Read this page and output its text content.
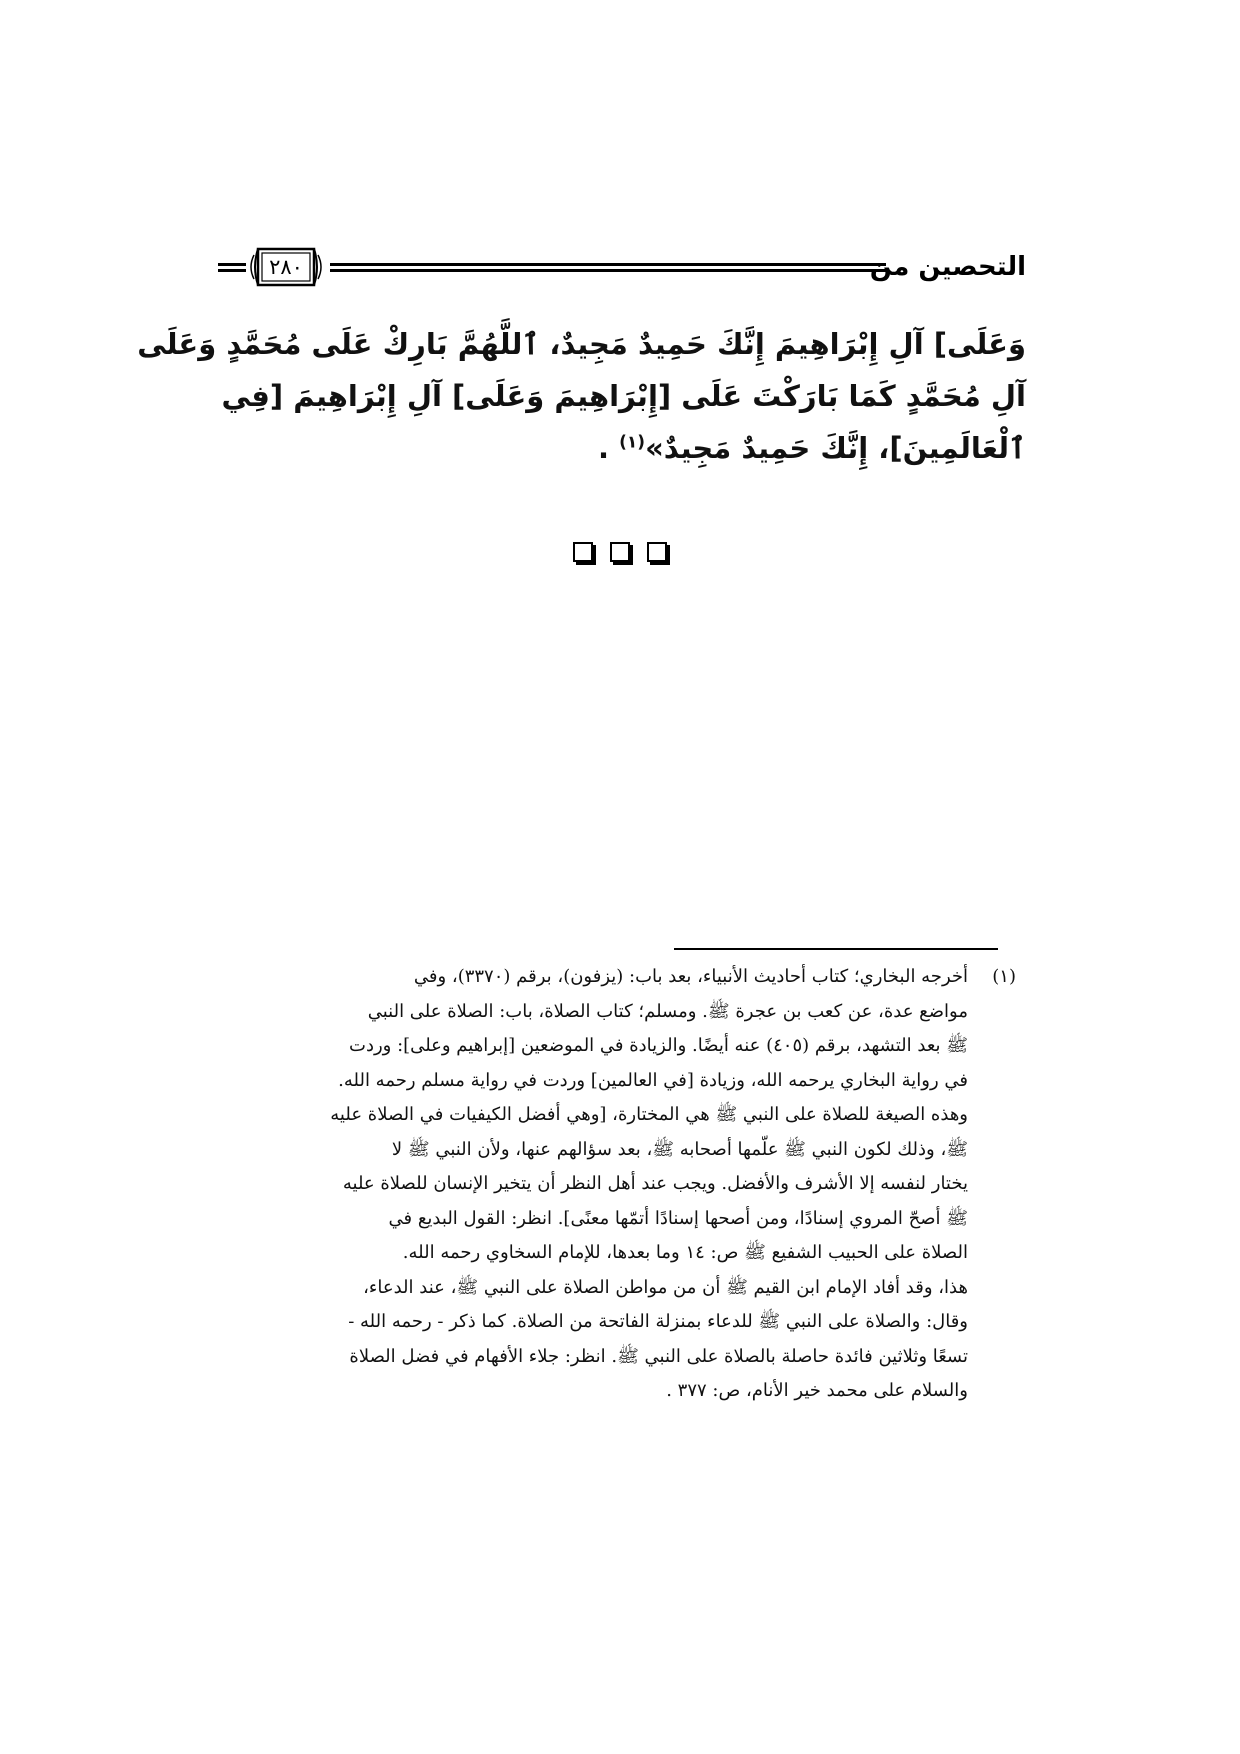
التحصين من
٢٨٠
وَعَلَى] آلِ إِبْرَاهِيمَ إِنَّكَ حَمِيدٌ مَجِيدٌ، ٱللَّهُمَّ بَارِكْ عَلَى مُحَمَّدٍ وَعَلَى
آلِ مُحَمَّدٍ كَمَا بَارَكْتَ عَلَى [إِبْرَاهِيمَ وَعَلَى] آلِ إِبْرَاهِيمَ [فِي
ٱلْعَالَمِينَ]، إِنَّكَ حَمِيدٌ مَجِيدٌ»$^{(١)}$ .

(١)
أخرجه البخاري؛ كتاب أحاديث الأنبياء، بعد باب: (يزفون)، برقم (٣٣٧٠)، وفي
مواضع عدة، عن كعب بن عجرة ﷺ. ومسلم؛ كتاب الصلاة، باب: الصلاة على النبي
ﷺ بعد التشهد، برقم (٤٠٥) عنه أيضًا. والزيادة في الموضعين [إبراهيم وعلى]: وردت
في رواية البخاري يرحمه الله، وزيادة [في العالمين] وردت في رواية مسلم رحمه الله.
وهذه الصيغة للصلاة على النبي ﷺ هي المختارة، [وهي أفضل الكيفيات في الصلاة عليه
ﷺ، وذلك لكون النبي ﷺ علّمها أصحابه ﷺ، بعد سؤالهم عنها، ولأن النبي ﷺ لا
يختار لنفسه إلا الأشرف والأفضل. ويجب عند أهل النظر أن يتخير الإنسان للصلاة عليه
ﷺ أصحّ المروي إسنادًا، ومن أصحها إسنادًا أتمّها معنًى]. انظر: القول البديع في
الصلاة على الحبيب الشفيع ﷺ ص: ١٤ وما بعدها، للإمام السخاوي رحمه الله.
هذا، وقد أفاد الإمام ابن القيم ﷺ أن من مواطن الصلاة على النبي ﷺ، عند الدعاء،
وقال: والصلاة على النبي ﷺ للدعاء بمنزلة الفاتحة من الصلاة. كما ذكر - رحمه الله -
تسعًا وثلاثين فائدة حاصلة بالصلاة على النبي ﷺ. انظر: جلاء الأفهام في فضل الصلاة
والسلام على محمد خير الأنام، ص: ٣٧٧ .
